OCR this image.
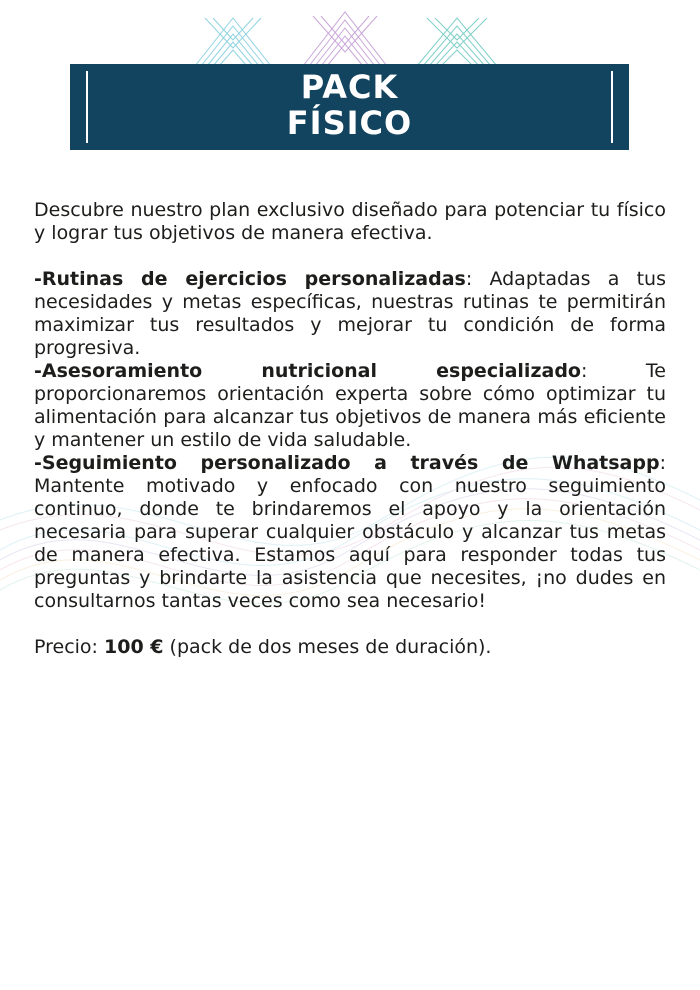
PACK
FÍSICO

Descubre nuestro plan exclusivo diseñado para potenciar tu físico y lograr tus objetivos de manera efectiva.

-Rutinas de ejercicios personalizadas: Adaptadas a tus necesidades y metas específicas, nuestras rutinas te permitirán maximizar tus resultados y mejorar tu condición de forma progresiva.

-Asesoramiento nutricional especializado: Te proporcionaremos orientación experta sobre cómo optimizar tu alimentación para alcanzar tus objetivos de manera más eficiente y mantener un estilo de vida saludable.

-Seguimiento personalizado a través de Whatsapp: Mantente motivado y enfocado con nuestro seguimiento continuo, donde te brindaremos el apoyo y la orientación necesaria para superar cualquier obstáculo y alcanzar tus metas de manera efectiva. Estamos aquí para responder todas tus preguntas y brindarte la asistencia que necesites, ¡no dudes en consultarnos tantas veces como sea necesario!

Precio: 100 € (pack de dos meses de duración).
